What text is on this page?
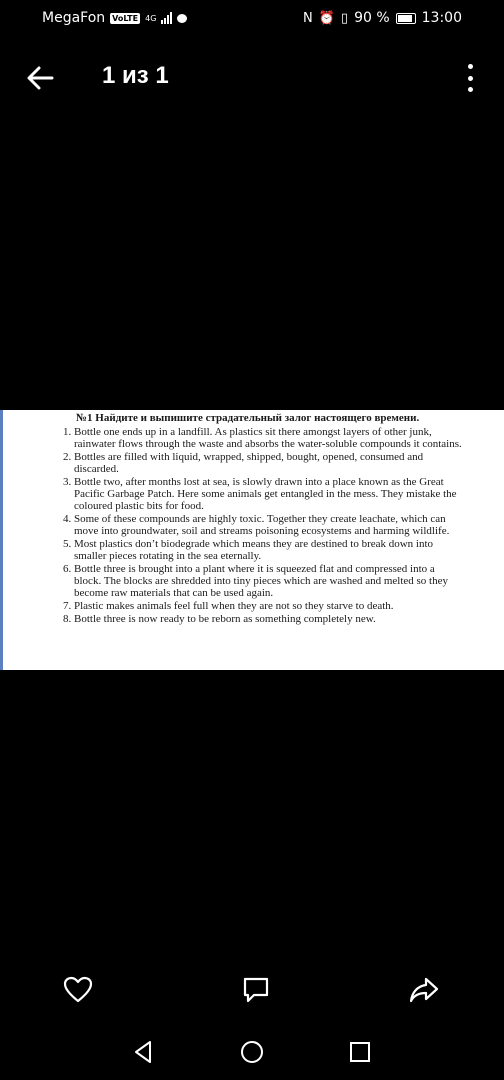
MegaFon VoLTE 4G	N ⏰ ▯ 90 % 13:00
1 из 1
№1 Найдите и выпишите страдательный залог настоящего времени.
1. Bottle one ends up in a landfill. As plastics sit there amongst layers of other junk, rainwater flows through the waste and absorbs the water-soluble compounds it contains.
2. Bottles are filled with liquid, wrapped, shipped, bought, opened, consumed and discarded.
3. Bottle two, after months lost at sea, is slowly drawn into a place known as the Great Pacific Garbage Patch. Here some animals get entangled in the mess. They mistake the coloured plastic bits for food.
4. Some of these compounds are highly toxic. Together they create leachate, which can move into groundwater, soil and streams poisoning ecosystems and harming wildlife.
5. Most plastics don’t biodegrade which means they are destined to break down into smaller pieces rotating in the sea eternally.
6. Bottle three is brought into a plant where it is squeezed flat and compressed into a block. The blocks are shredded into tiny pieces which are washed and melted so they become raw materials that can be used again.
7. Plastic makes animals feel full when they are not so they starve to death.
8. Bottle three is now ready to be reborn as something completely new.
